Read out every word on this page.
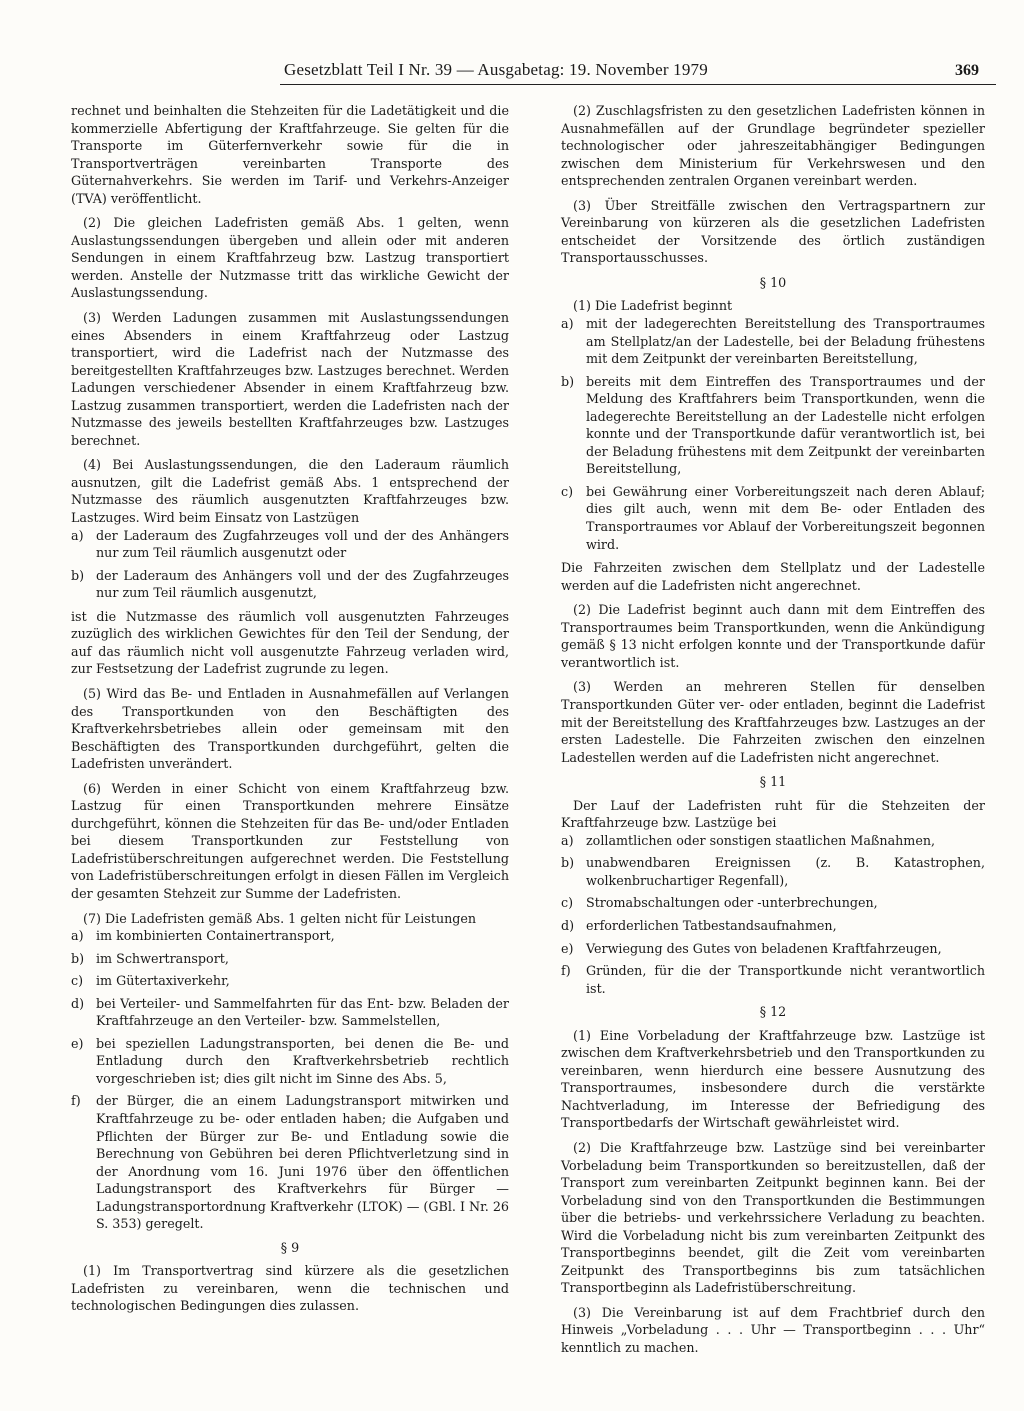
Gesetzblatt Teil I Nr. 39 — Ausgabetag: 19. November 1979	369

rechnet und beinhalten die Stehzeiten für die Ladetätigkeit und die kommerzielle Abfertigung der Kraftfahrzeuge. Sie gelten für die Transporte im Güterfernverkehr sowie für die in Transportverträgen vereinbarten Transporte des Güternahverkehrs. Sie werden im Tarif- und Verkehrs-Anzeiger (TVA) veröffentlicht.

(2) Die gleichen Ladefristen gemäß Abs. 1 gelten, wenn Auslastungssendungen übergeben und allein oder mit anderen Sendungen in einem Kraftfahrzeug bzw. Lastzug transportiert werden. Anstelle der Nutzmasse tritt das wirkliche Gewicht der Auslastungssendung.

(3) Werden Ladungen zusammen mit Auslastungssendungen eines Absenders in einem Kraftfahrzeug oder Lastzug transportiert, wird die Ladefrist nach der Nutzmasse des bereitgestellten Kraftfahrzeuges bzw. Lastzuges berechnet. Werden Ladungen verschiedener Absender in einem Kraftfahrzeug bzw. Lastzug zusammen transportiert, werden die Ladefristen nach der Nutzmasse des jeweils bestellten Kraftfahrzeuges bzw. Lastzuges berechnet.

(4) Bei Auslastungssendungen, die den Laderaum räumlich ausnutzen, gilt die Ladefrist gemäß Abs. 1 entsprechend der Nutzmasse des räumlich ausgenutzten Kraftfahrzeuges bzw. Lastzuges. Wird beim Einsatz von Lastzügen

a) der Laderaum des Zugfahrzeuges voll und der des Anhängers nur zum Teil räumlich ausgenutzt oder
b) der Laderaum des Anhängers voll und der des Zugfahrzeuges nur zum Teil räumlich ausgenutzt,

ist die Nutzmasse des räumlich voll ausgenutzten Fahrzeuges zuzüglich des wirklichen Gewichtes für den Teil der Sendung, der auf das räumlich nicht voll ausgenutzte Fahrzeug verladen wird, zur Festsetzung der Ladefrist zugrunde zu legen.

(5) Wird das Be- und Entladen in Ausnahmefällen auf Verlangen des Transportkunden von den Beschäftigten des Kraftverkehrsbetriebes allein oder gemeinsam mit den Beschäftigten des Transportkunden durchgeführt, gelten die Ladefristen unverändert.

(6) Werden in einer Schicht von einem Kraftfahrzeug bzw. Lastzug für einen Transportkunden mehrere Einsätze durchgeführt, können die Stehzeiten für das Be- und/oder Entladen bei diesem Transportkunden zur Feststellung von Ladefristüberschreitungen aufgerechnet werden. Die Feststellung von Ladefristüberschreitungen erfolgt in diesen Fällen im Vergleich der gesamten Stehzeit zur Summe der Ladefristen.

(7) Die Ladefristen gemäß Abs. 1 gelten nicht für Leistungen

a) im kombinierten Containertransport,
b) im Schwertransport,
c)	im Gütertaxiverkehr,
d) bei Verteiler- und Sammelfahrten für das Ent- bzw. Beladen der Kraftfahrzeuge an den Verteiler- bzw. Sammelstellen,
e) bei speziellen Ladungstransporten, bei denen die Be- und Entladung durch den Kraftverkehrsbetrieb rechtlich vorgeschrieben ist; dies gilt nicht im Sinne des Abs. 5,
f)	der Bürger, die an einem Ladungstransport mitwirken und Kraftfahrzeuge zu be- oder entladen haben; die Aufgaben und Pflichten der Bürger zur Be- und Entladung sowie die Berechnung von Gebühren bei deren Pflichtverletzung sind in der Anordnung vom 16. Juni 1976 über den öffentlichen Ladungstransport des Kraftverkehrs für Bürger — Ladungstransportordnung Kraftverkehr (LTOK) — (GBl. I Nr. 26 S. 353) geregelt.
§ 9

(1) Im Transportvertrag sind kürzere als die gesetzlichen Ladefristen zu vereinbaren, wenn die technischen und technologischen Bedingungen dies zulassen.

(2) Zuschlagsfristen zu den gesetzlichen Ladefristen können in Ausnahmefällen auf der Grundlage begründeter spezieller technologischer oder jahreszeitabhängiger Bedingungen zwischen dem Ministerium für Verkehrswesen und den entsprechenden zentralen Organen vereinbart werden.

(3) Über Streitfälle zwischen den Vertragspartnern zur Vereinbarung von kürzeren als die gesetzlichen Ladefristen entscheidet der Vorsitzende des örtlich zuständigen Transportausschusses.

§ 10

(1) Die Ladefrist beginnt

a) mit der ladegerechten Bereitstellung des Transportraumes am Stellplatz/an der Ladestelle, bei der Beladung frühestens mit dem Zeitpunkt der vereinbarten Bereitstellung,
b) bereits mit dem Eintreffen des Transportraumes und der Meldung des Kraftfahrers beim Transportkunden, wenn die ladegerechte Bereitstellung an der Ladestelle nicht erfolgen konnte und der Transportkunde dafür verantwortlich ist, bei der Beladung frühestens mit dem Zeitpunkt der vereinbarten Bereitstellung,
c)	bei Gewährung einer Vorbereitungszeit nach deren Ablauf; dies gilt auch, wenn mit dem Be- oder Entladen des Transportraumes vor Ablauf der Vorbereitungszeit begonnen wird.

Die Fahrzeiten zwischen dem Stellplatz und der Ladestelle werden auf die Ladefristen nicht angerechnet.

(2) Die Ladefrist beginnt auch dann mit dem Eintreffen des Transportraumes beim Transportkunden, wenn die Ankündigung gemäß § 13 nicht erfolgen konnte und der Transportkunde dafür verantwortlich ist.

(3) Werden an mehreren Stellen für denselben Transportkunden Güter ver- oder entladen, beginnt die Ladefrist mit der Bereitstellung des Kraftfahrzeuges bzw. Lastzuges an der ersten Ladestelle. Die Fahrzeiten zwischen den einzelnen Ladestellen werden auf die Ladefristen nicht angerechnet.

§ 11

Der Lauf der Ladefristen ruht für die Stehzeiten der Kraftfahrzeuge bzw. Lastzüge bei

a) zollamtlichen oder sonstigen staatlichen Maßnahmen,
b) unabwendbaren Ereignissen (z. B. Katastrophen, wolkenbruchartiger Regenfall),
c)	Stromabschaltungen oder -unterbrechungen,
d) erforderlichen Tatbestandsaufnahmen,
e) Verwiegung des Gutes von beladenen Kraftfahrzeugen,
f)	Gründen, für die der Transportkunde nicht verantwortlich ist.
§ 12

(1) Eine Vorbeladung der Kraftfahrzeuge bzw. Lastzüge ist zwischen dem Kraftverkehrsbetrieb und den Transportkunden zu vereinbaren, wenn hierdurch eine bessere Ausnutzung des Transportraumes, insbesondere durch die verstärkte Nachtverladung, im Interesse der Befriedigung des Transportbedarfs der Wirtschaft gewährleistet wird.

(2) Die Kraftfahrzeuge bzw. Lastzüge sind bei vereinbarter Vorbeladung beim Transportkunden so bereitzustellen, daß der Transport zum vereinbarten Zeitpunkt beginnen kann. Bei der Vorbeladung sind von den Transportkunden die Bestimmungen über die betriebs- und verkehrssichere Verladung zu beachten. Wird die Vorbeladung nicht bis zum vereinbarten Zeitpunkt des Transportbeginns beendet, gilt die Zeit vom vereinbarten Zeitpunkt des Transportbeginns bis zum tatsächlichen Transportbeginn als Ladefristüberschreitung.

(3) Die Vereinbarung ist auf dem Frachtbrief durch den Hinweis „Vorbeladung . . . Uhr — Transportbeginn . . . Uhr“ kenntlich zu machen.
